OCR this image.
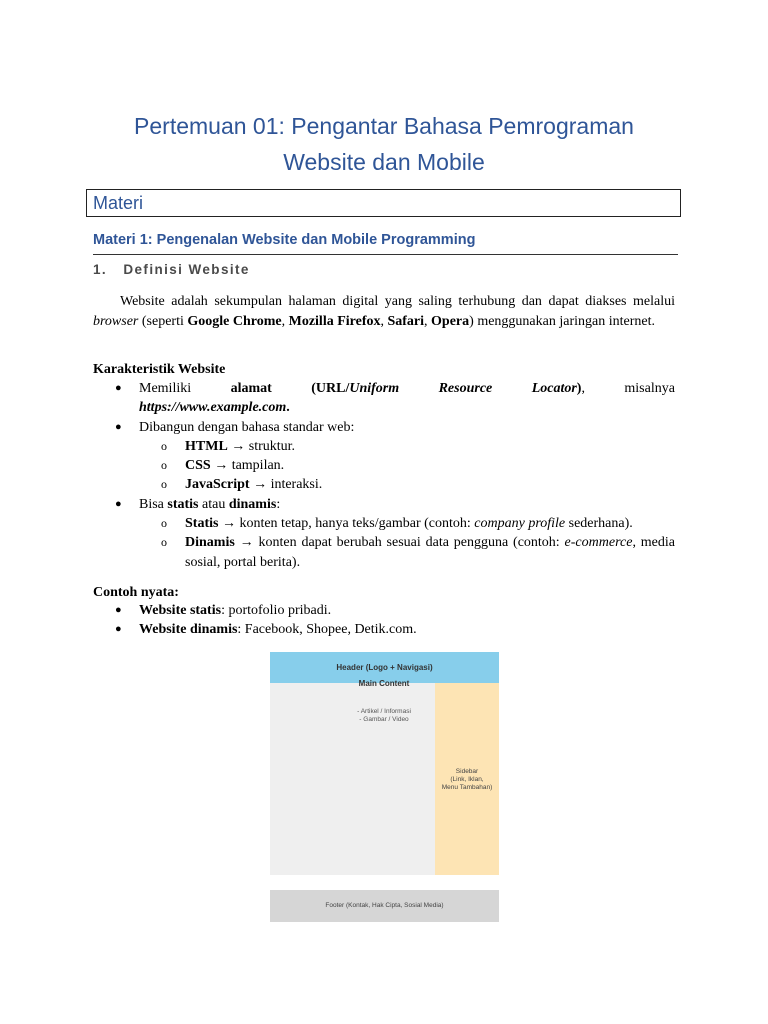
Pertemuan 01: Pengantar Bahasa Pemrograman
Website dan Mobile
Materi
Materi 1: Pengenalan Website dan Mobile Programming
1. Definisi Website

Website adalah sekumpulan halaman digital yang saling terhubung dan dapat diakses melalui browser (seperti Google Chrome, Mozilla Firefox, Safari, Opera) menggunakan jaringan internet.

Karakteristik Website
● Memiliki	alamat	(URL/Uniform	Resource	Locator),	misalnya
https://www.example.com.
● Dibangun dengan bahasa standar web:
o HTML → struktur.
o CSS → tampilan.
o JavaScript → interaksi.
● Bisa statis atau dinamis:
o Statis → konten tetap, hanya teks/gambar (contoh: company profile sederhana).
o Dinamis → konten dapat berubah sesuai data pengguna (contoh: e-commerce, media sosial, portal berita).
Contoh nyata:
● Website statis: portofolio pribadi.
● Website dinamis: Facebook, Shopee, Detik.com.
Header (Logo + Navigasi)
Main Content
- Artikel / Informasi
- Gambar / Video
Sidebar
(Link, Iklan,
Menu Tambahan)
Footer (Kontak, Hak Cipta, Sosial Media)
